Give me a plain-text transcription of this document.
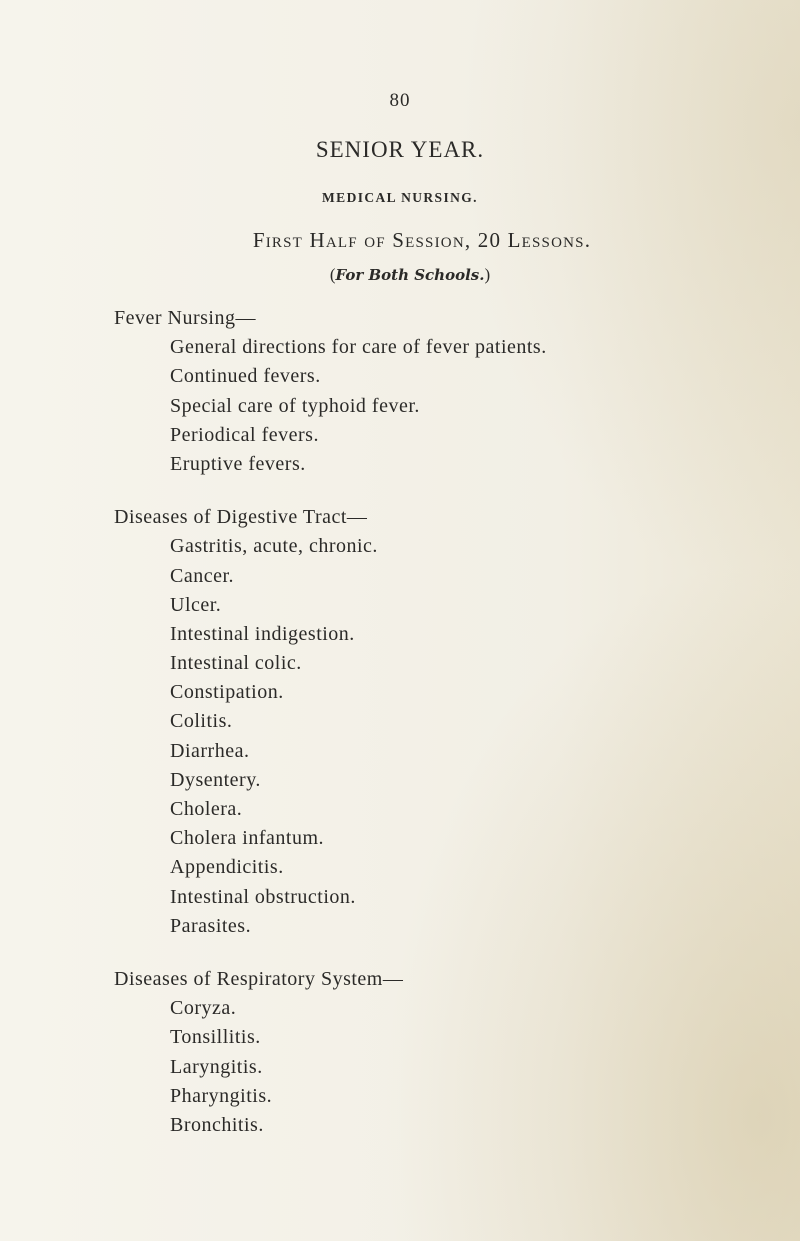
80
SENIOR YEAR.
MEDICAL NURSING.
First Half of Session, 20 Lessons.
(For Both Schools.)
Fever Nursing—
General directions for care of fever patients.
Continued fevers.
Special care of typhoid fever.
Periodical fevers.
Eruptive fevers.
Diseases of Digestive Tract—
Gastritis, acute, chronic.
Cancer.
Ulcer.
Intestinal indigestion.
Intestinal colic.
Constipation.
Colitis.
Diarrhea.
Dysentery.
Cholera.
Cholera infantum.
Appendicitis.
Intestinal obstruction.
Parasites.
Diseases of Respiratory System—
Coryza.
Tonsillitis.
Laryngitis.
Pharyngitis.
Bronchitis.
